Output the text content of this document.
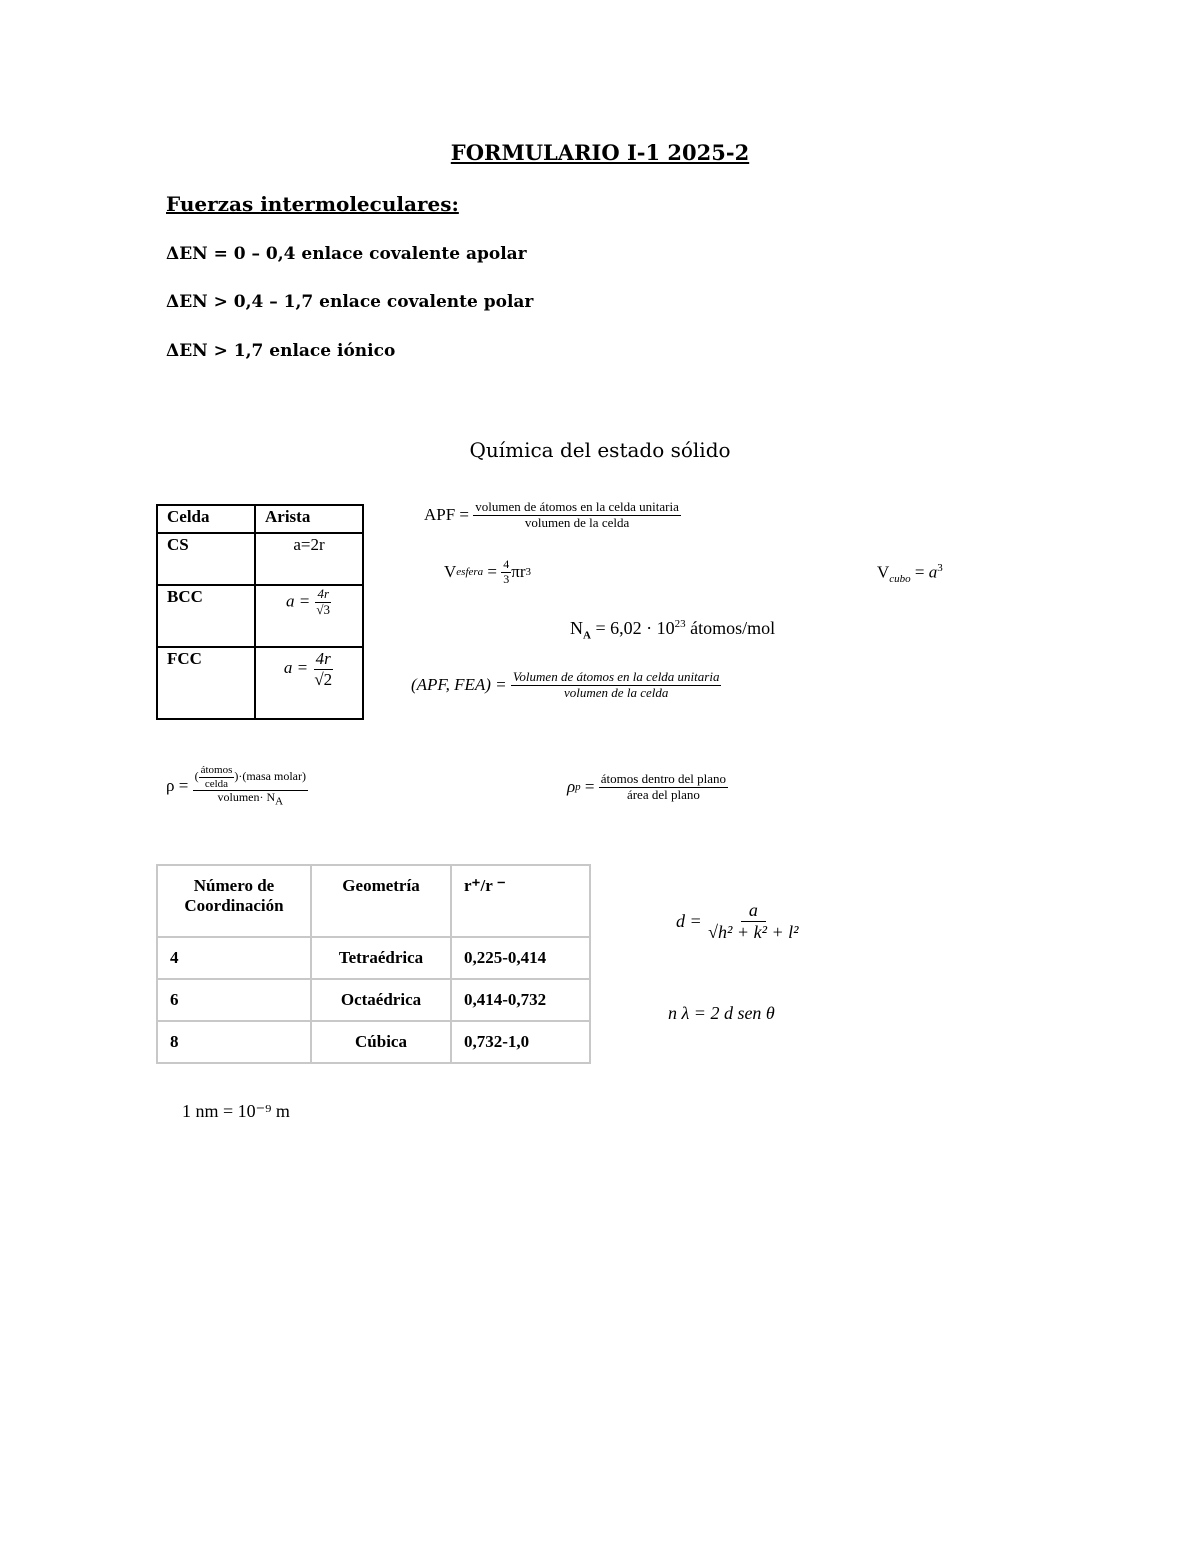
FORMULARIO I-1 2025-2
Fuerzas intermoleculares:
ΔEN = 0 – 0,4 enlace covalente apolar
ΔEN > 0,4 – 1,7 enlace covalente polar
ΔEN > 1,7 enlace iónico
Química del estado sólido
Celda	Arista
CS	a=2r
BCC	$a = \frac{4r}{√3}$

FCC	$a = \frac{4r}{√2}$
APF =
$\frac{\text{volumen de átomos en la celda unitaria}}{\text{volumen de la celda}}$
V esfera
=
$\frac{4}{3}$ πr 3	$V_{cubo} = a^3$
$N_A = 6,02 \cdot 10^{23}$ átomos/mol
(APF, FEA) =
$\frac{\text{Volumen de átomos en la celda unitaria}}{\text{volumen de la celda}}$
ρ =
$\frac{( \frac{\text{átomos}}{\text{celda}} ) \cdot(masa molar)}{volumen\cdot N_A}$	ρ p
=
$\frac{\text{átomos dentro del plano}}{\text{área del plano}}$
Número de Coordinación	Geometría	r⁺/r ⁻
4	Tetraédrica	0,225-0,414
6	Octaédrica	0,414-0,732
8	Cúbica	0,732-1,0
d =
$\frac{a}{\text{√h² + k² + l²}}$
n λ = 2 d sen θ
1 nm = 10⁻⁹ m
